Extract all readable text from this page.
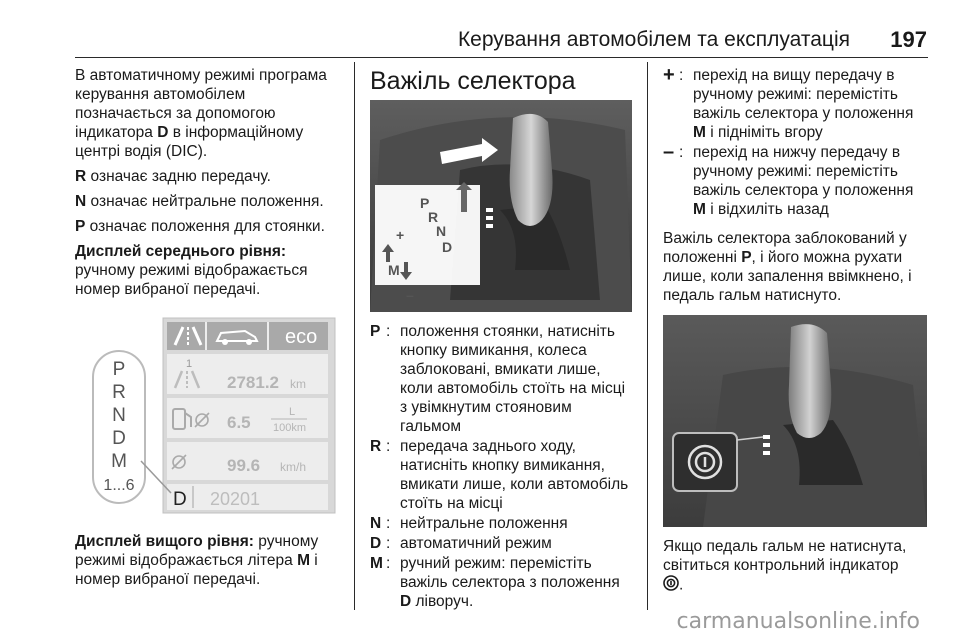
Керування автомобілем та експлуатація 197

В автоматичному режимі програма керування автомобілем позначається за допомогою індикатора D в інформаційному центрі водія (DIC).

R означає задню передачу.

N означає нейтральне положення.

P означає положення для стоянки.

Дисплей середнього рівня:
ручному режимі відображається номер вибраної передачі.

eco
1
2781.2 km
6.5
L
100km
99.6 km/h
D 20201
P
R
N
D
M
1...6

Дисплей вищого рівня: ручному режимі відображається літера M і номер вибраної передачі.

Важіль селектора
P
R
N
D
M
+
–
P : положення стоянки, натисніть кнопку вимикання, колеса заблоковані, вмикати лише, коли автомобіль стоїть на місці з увімкнутим стояновим гальмом
R : передача заднього ходу, натисніть кнопку вимикання, вмикати лише, коли автомобіль стоїть на місці
N : нейтральне положення
D : автоматичний режим
M : ручний режим: перемістіть важіль селектора з положення D ліворуч.
+ : перехід на вищу передачу в ручному режимі: перемістіть важіль селектора у положення M і підніміть вгору
– : перехід на нижчу передачу в ручному режимі: перемістіть важіль селектора у положення M і відхиліть назад

Важіль селектора заблокований у положенні P, і його можна рухати лише, коли запалення ввімкнено, і педаль гальм натиснуто.

Якщо педаль гальм не натиснута, світиться контрольний індикатор
.

carmanualsonline.info
